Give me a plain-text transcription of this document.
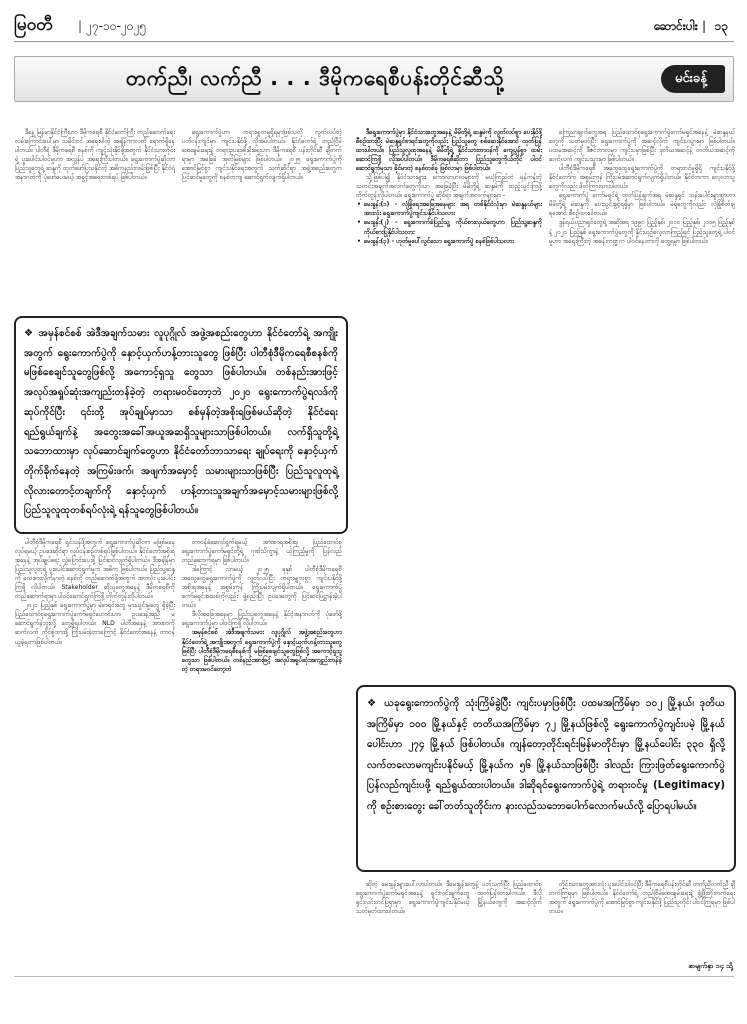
မြဝတီ | ၂၇-၁၀-၂၀၂၅	ဆောင်းပါး | ၁၃
တက်ညီ၊ လက်ညီ . . . ဒီမိုကရေစီပန်းတိုင်ဆီသို့	မင်းခန့်

ဒီနေ့ မြန်မာနိုင်ငံကြီးဟာ ဒီမိုကရေစီ နိုင်ငံတော်ကြီး တည်ဆောက်ရေး လမ်းကြောင်းပေါ်မှာ သမိုင်းဝင် အရေးပါတဲ့ အချိန်ကာလကို ရောက်ရှိနေပါတယ်။ ပါတီစုံ ဒီမိုကရေစီ စနစ်ကို ကျင့်သုံးနိုင်ဖို့အတွက် နိုင်ငံသားတိုင်းရဲ့ ပူးပေါင်းပါဝင်မှုဟာ အလွန်ပဲ အရေးကြီးပါတယ်။ ရွေးကောက်ပွဲဆိုတာ ပြည်သူတွေရဲ့ ဆန္ဒကို ထုတ်ဖော်ပြသနိုင်တဲ့ အဓိကနည်းလမ်းဖြစ်ပြီး နိုင်ငံရဲ့ အနာဂတ်ကို ပုံဖော်ပေးမယ့် အခွင့်အရေးတစ်ရပ် ဖြစ်ပါတယ်။

ရွေးကောက်ပွဲဟာ တရားမျှတမှုရှိရမှာဖြစ်သလို လွတ်လပ်တဲ့ ပတ်ဝန်းကျင်မှာ ကျင်းပနိုင်ဖို့ လိုအပ်ပါတယ်။ နိုင်ငံတော်ရဲ့ တည်ငြိမ်အေးချမ်းရေးနဲ့ တရားဥပဒေစိုးမိုးရေးဟာ ဒီမိုကရေစီ ပန်းတိုင်ဆီ ချီတက်ရာမှာ အခြေခံ အုတ်မြစ်များ ဖြစ်ပါတယ်။ ၂၀၂၅ ရွေးကောက်ပွဲကို အောင်မြင်စွာ ကျင်းပနိုင်ရေးအတွက် သက်ဆိုင်ရာ အဖွဲ့အစည်းတွေက ပြင်ဆင်မှုတွေကို စနစ်တကျ ဆောင်ရွက်လျက်ရှိပါတယ်။

ဒီရွေးကောက်ပွဲမှာ နိုင်ငံသားတွေအနေနဲ့ မိမိတို့ရဲ့ ဆန္ဒမဲကို လွတ်လပ်စွာ ပေးနိုင်ဖို့ စီစဉ်ထားပြီး မဲဆန္ဒရှင်စာရင်းတွေကိုလည်း ပြည်သူတွေ စစ်ဆေးနိုင်အောင် ထုတ်ပြန်ထားပါတယ်။ ပြည်သူလူထုအနေနဲ့ မိမိတို့ရဲ့ နိုင်ငံသားတာဝန်ကို ကျေပွန်စွာ ထမ်းဆောင်ကြဖို့ လိုအပ်ပါတယ်။ ဒီမိုကရေစီဆိုတာ ပြည်သူတွေကိုယ်တိုင် ပါဝင်ဆောင်ရွက်မှသာ ခိုင်မာတဲ့ စနစ်တစ်ခု ဖြစ်လာမှာ ဖြစ်ပါတယ်။

သို့ဖြစ်ပါ၍ နိုင်ငံသားများ၊ ကောလာဟလများကို မယုံကြည်ဘဲ မှန်ကန်တဲ့ သတင်းအချက်အလက်တွေကိုသာ အခြေခံပြီး မိမိတို့ရဲ့ ဆန္ဒမဲကို ထည့်သွင်းကြဖို့ တိုက်တွန်းလိုပါတယ်။ ရွေးကောက်ပွဲ ဆိုင်ရာ အချက်အလက်များမှာ -

• မေးခွန်း(၁) - လုံခြုံရေးအခြေအနေများ အရ တစ်နိုင်ငံလုံးမှာ မဲဆန္ဒနယ်များအားလုံး ရွေးကောက်ပွဲကျင်းပနိုင်ပါသလား
• မေးခွန်း(၂) - ရွေးကောက်ခံပြည်သူ့ ကိုယ်စားလှယ်တွေဟာ ပြည်သူ့ဆန္ဒကို ကိုယ်စားပြုနိုင်ပါသလား
• မေးခွန်း(၃) - ဟုတ်မှုပေါ်လွင်သော ရွေးကောက်ပွဲ စနစ်ဖြစ်ပါသလား

ကြေညာချက်တွေအရ ပြည်ထောင်စုရွေးကောက်ပွဲကော်မရှင်အနေနဲ့ မဲဆန္ဒနယ်တွေကို သတ်မှတ်ပြီး ရွေးကောက်ပွဲကို အဆင့်လိုက် ကျင်းပသွားမှာ ဖြစ်ပါတယ်။ ပထမအဆင့်ကို ဒီဇင်ဘာလမှာ ကျင်းပမှာဖြစ်ပြီး ဒုတိယအဆင့်နဲ့ တတိယအဆင့်ကို ဆက်လက် ကျင်းပသွားမှာ ဖြစ်ပါတယ်။

ပါတီစုံဒီမိုကရေစီ အထွေထွေရွေးကောက်ပွဲကို တရားဝင်မှုရှိရှိ ကျင်းပနိုင်ဖို့ နိုင်ငံတော်က အစွမ်းကုန် ကြိုးပမ်းဆောင်ရွက်လျက်ရှိပါတယ်။ နိုင်ငံတကာ လေ့လာသူတွေကိုလည်း ဖိတ်ကြားထားပါတယ်။

ရွေးကောက်ပွဲ ကော်မရှင်ရဲ့ ထုတ်ပြန်ချက်အရ မဲဆန္ဒရှင် သန်းပေါင်းများစွာဟာ မိမိတို့ရဲ့ မဲဆန္ဒကို ပေးသွင်းခွင့်ရရှိမှာ ဖြစ်ပါတယ်။ မဲရုံတွေကိုလည်း လုံခြုံစိတ်ချရအောင် စီစဉ်ထားပါတယ်။

ဒွန်ရယ်ပညာရှင်တွေရဲ့ အဆိုအရ ၁၉၉၀ ပြည့်နှစ်၊ ၂၀၁၀ ပြည့်နှစ်၊ ၂၀၁၅ ပြည့်နှစ် နဲ့ ၂၀၂၀ ပြည့်နှစ် ရွေးကောက်ပွဲတွေကို နှိုင်းယှဉ်လေ့လာကြည့်ရင် ပြည်သူတွေရဲ့ ပါဝင်မှုဟာ အရေးကြီးတဲ့ အခန်းကဏ္ဍက ပါဝင်နေတာကို တွေ့ရမှာ ဖြစ်ပါတယ်။

❖ အမှန်စင်စစ် အဲဒီအချက်သမား လူပုဂ္ဂိုလ် အဖွဲ့အစည်းတွေဟာ နိုင်ငံတော်ရဲ့ အကျိုးအတွက် ရွေးကောက်ပွဲကို နှောင့်ယှက်ဟန့်တားသူတွေ ဖြစ်ပြီး ပါတီစုံဒီမိုကရေစီစနစ်ကို မဖြစ်စေချင်သူတွေဖြစ်လို့ အကောင့်ရှသူ တွေသာ ဖြစ်ပါတယ်။ တစ်နည်းအားဖြင့် အလုပ်အရှုပ်ဆုံးအကျည်းတန်ခဲ့တဲ့ တရားမဝင်တော့ဘဲ ၂၀၂၀ ရွေးကောက်ပွဲရလဒ်ကိုဆုပ်ကိုင်ပြီး ၎င်းတို့ အုပ်ချုပ်မှာသာ စစ်မှန်တဲ့အစိုးရဖြစ်မယ်ဆိုတဲ့ နိုင်ငံရေးရည်ရွယ်ချက်နဲ့ အတွေးအခေါ်အယူအဆရှိသူများသာဖြစ်ပါတယ်။ လက်ရှိသူတို့ရဲ့ သဘောထားမှာ လုပ်ဆောင်ချက်တွေဟာ နိုင်ငံတော်ဘာသာရေး ချုပ်ရေးကို နှောင့်ယှက်တိုက်ခိုက်နေတဲ့ အကြမ်းဖက်၊ အဖျက်အမှောင့် သမားများသာဖြစ်ပြီး ပြည်သူလူထုရဲ့ လိုလားတောင့်တချက်ကို နှောင့်ယှက် ဟန့်တားသူအချက်အမှောင့်သမားများဖြစ်လို့ ပြည်သူလူထုတစ်ရပ်လုံးရဲ့ ရန်သူတွေဖြစ်ပါတယ်။

ပါတီစုံဒီမိုကရေစီ ရှင်သန်ဖို့အတွက် ရွေးကောက်ပွဲဆိုတာ မဖြစ်မနေလုပ်ရမယ့် ဥပဒေဆိုင်ရာ လုပ်ငန်းစဉ်တစ်ရပ်ဖြစ်ပါတယ်။ နိုင်ငံတော်အစိုးရအနေနဲ့ အုပ်ချုပ်ရေး လွှဲပြောင်းပေးဖို့ ပြင်ဆင်လျက်ရှိပါတယ်။ ဒီအချိန်မှာ ပြည်သူလူထုရဲ့ ပူးပေါင်းဆောင်ရွက်မှုက အဓိက ဖြစ်ပါတယ်။ ပြည်သူ့ဆန္ဒကို လေးစားလိုက်နာတဲ့ စနစ်ကို တည်ဆောက်ဖို့အတွက် အားလုံး ပူးပေါင်းကြဖို့ လိုပါတယ်။ Stakeholder ဆိုသူတွေအနေနဲ့ ဒီမိုကရေစီကို တည်ဆောက်ရာမှာ ပါဝင်ဆောင်ရွက်ကြဖို့ တိုက်တွန်းလိုပါတယ်။

၂၀၂၀ ပြည့်နှစ် ရွေးကောက်ပွဲမှာ မဲစာရင်းတွေ မှားယွင်းမှုတွေ ရှိခဲ့ပြီး ပြည်ထောင်စုရွေးကောက်ပွဲကော်မရှင်ဟောင်းဟာ ဥပဒေနဲ့အညီ မဆောင်ရွက်ခဲ့ဘူးလို့ တွေ့ရှိရပါတယ်။ NLD ပါတီအနေနဲ့ အာဏာကို ဆက်လက် ကိုင်စွဲထားဖို့ ကြိုးပမ်းခဲ့တာကြောင့် နိုင်ငံတော်အနေနဲ့ တာဝန်ယူခဲ့ရတာဖြစ်ပါတယ်။

တာဝန်ခံဆောင်ရွက်ရမယ့် အာဏာရအစိုးရ၊ ပြည်ထောင်စုရွေးကောက်ပွဲကော်မရှင်တို့ရဲ့ ဂုဏ်သိက္ခာနဲ့ ယုံကြည်မှုကို ပြန်လည်တည်ဆောက်ရမှာ ဖြစ်ပါတယ်။

ဒါကြောင့် လာမယ့် ၂၀၂၅ ခုနှစ် ပါတီစုံဒီမိုကရေစီ အထွေထွေရွေးကောက်ပွဲကို လွတ်လပ်ပြီး တရားမျှတစွာ ကျင်းပနိုင်ဖို့ အစိုးရအနေနဲ့ အစွမ်းကုန် ကြိုးပမ်းလျက်ရှိပါတယ်။ ရွေးကောက်ပွဲ ကော်မရှင်အသစ်ကိုလည်း ဖွဲ့စည်းပြီး ဥပဒေတွေကို ပြင်ဆင်ပြဋ္ဌာန်းခဲ့ပါတယ်။

ဒီလိုအခြေအနေမှာ ပြည်သူတွေအနေနဲ့ နိုင်ငံ့အနာဂတ်ကို ပုံဖော်ဖို့ ရွေးကောက်ပွဲမှာ ပါဝင်ကြဖို့ လိုပါတယ်။

အမှန်စင်စစ် အဲဒီအချက်သမား လူပုဂ္ဂိုလ် အဖွဲ့အစည်းတွေဟာ နိုင်ငံတော်ရဲ့ အကျိုးအတွက် ရွေးကောက်ပွဲကို နှောင့်ယှက်ဟန့်တားသူတွေ ဖြစ်ပြီး ပါတီစုံဒီမိုကရေစီစနစ်ကို မဖြစ်စေချင်သူတွေဖြစ်လို့ အကောင့်ရှသူတွေသာ ဖြစ်ပါတယ်။ တစ်နည်းအားဖြင့် အလုပ်အရှုပ်ဆုံးအကျည်းတန်ခဲ့တဲ့ တရားမဝင်တော့ဘဲ

❖ ယခုရွေးကောက်ပွဲကို သုံးကြိမ်ခွဲပြီး ကျင်းပမှာဖြစ်ပြီး ပထမအကြိမ်မှာ ၁၀၂ မြို့နယ်၊ ဒုတိယအကြိမ်မှာ ၁၀၀ မြို့နယ်နှင့် တတိယအကြိမ်မှာ ၇၂ မြို့နယ်ဖြစ်လို့ ရွေးကောက်ပွဲကျင်းပမဲ့ မြို့နယ်ပေါင်းဟာ ၂၇၄ မြို့နယ် ဖြစ်ပါတယ်။ ကျန်တော့တိုင်းရင်းမြန်မာတိုင်းမှာ မြို့နယ်ပေါင်း ၃၃၀ ရှိလို့ လက်တလောမကျင်းပနိုင်မယ့် မြို့နယ်က ၅၆ မြို့နယ်သာဖြစ်ပြီး ဒါလည်း ကြားဖြတ်ရွေးကောက်ပွဲပြန်လည်ကျင်းပဖို့ ရည်ရွယ်ထားပါတယ်။ ဒါဆိုရင်ရွေးကောက်ပွဲရဲ့ တရားဝင်မှု (Legitimacy) ကို စဉ်းစားတွေး ခေါ်တတ်သူတိုင်းက နားလည်သဘောပေါက်လောက်မယ်လို့ ပြောရပါမယ်။

ဆိုတဲ့ မေးခွန်းများပေါ်လာပါတယ်။ ဒီမေးခွန်းတွေနဲ့ ပတ်သက်ပြီး ပြည်ထောင်စုရွေးကောက်ပွဲကော်မရှင်အနေနဲ့ ရှင်းလင်းချက်တွေ ထုတ်ပြန်ထားပါတယ်။ ဒီလိုရှင်းလင်းတင်ပြရာမှာ ရွေးကောက်ပွဲကျင်းပနိုင်မယ့် မြို့နယ်တွေကို အဆင့်လိုက် သတ်မှတ်ထားပါတယ်။

တိုင်းသားတွေအားလုံး ပူးပေါင်းပါဝင်ပြီး ဒီမိုကရေစီပန်းတိုင်ဆီ တက်ညီလက်ညီ ချီတက်ကြရမှာ ဖြစ်ပါတယ်။ နိုင်ငံတော်ရဲ့ တည်ငြိမ်အေးချမ်းရေးနဲ့ ဖွံ့ဖြိုးတိုးတက်ရေးအတွက် ရွေးကောက်ပွဲကို အောင်မြင်စွာ ကျင်းပနိုင်ဖို့ ပြည်သူတိုင်း ပါဝင်ကြရမှာ ဖြစ်ပါတယ်။

စာမျက်နှာ ၁၄ သို့
